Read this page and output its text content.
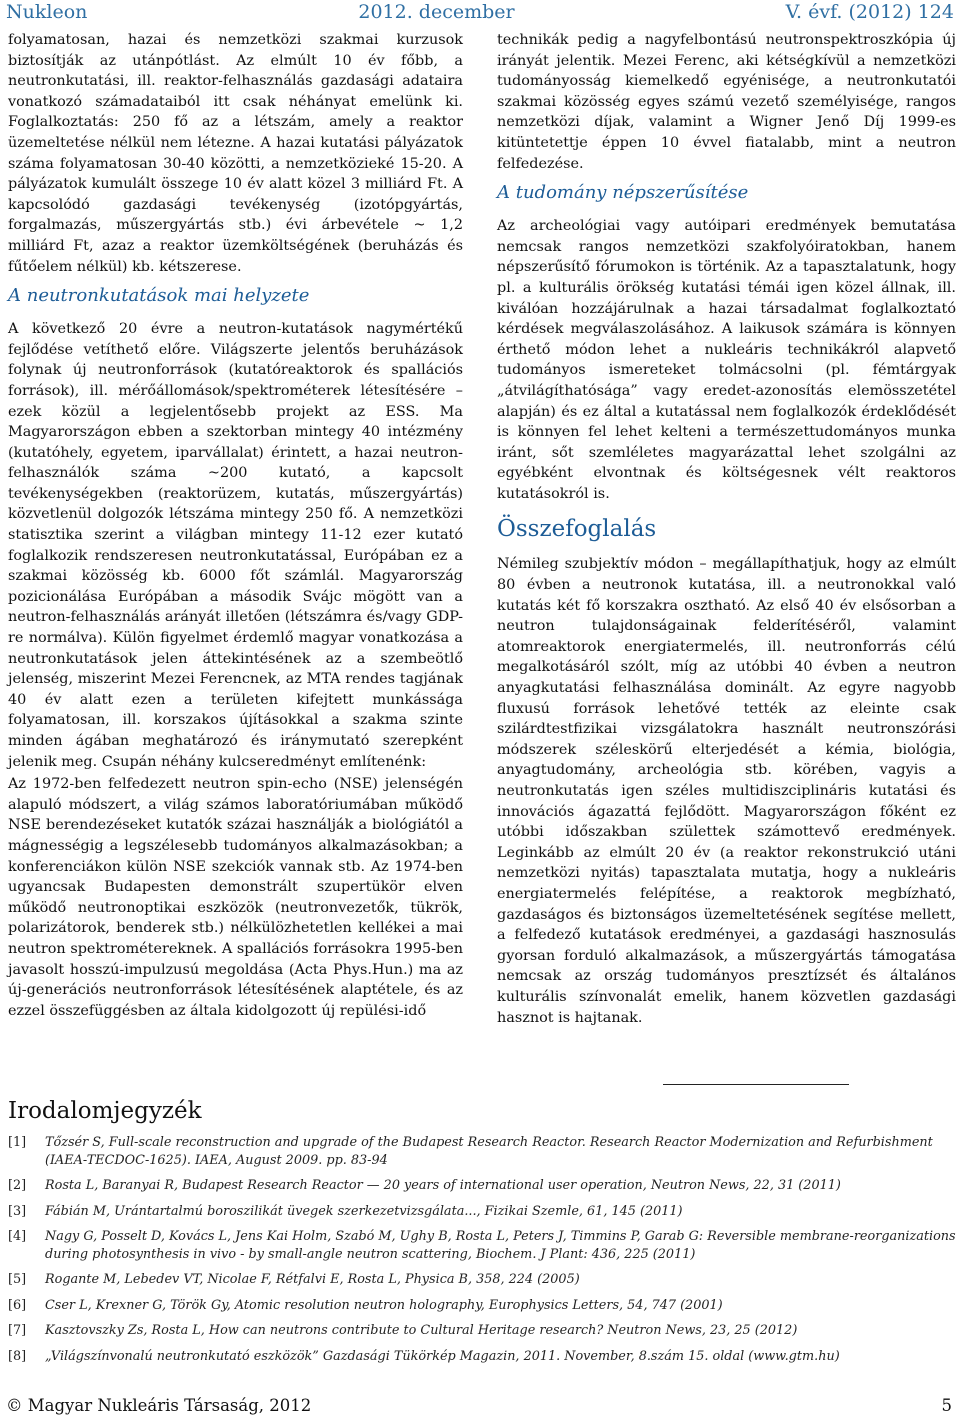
Nukleon	2012. december	V. évf. (2012) 124

folyamatosan, hazai és nemzetközi szakmai kurzusok biztosítják az utánpótlást. Az elmúlt 10 év főbb, a neutronkutatási, ill. reaktor-felhasználás gazdasági adataira vonatkozó számadataiból itt csak néhányat emelünk ki. Foglalkoztatás: 250 fő az a létszám, amely a reaktor üzemeltetése nélkül nem létezne. A hazai kutatási pályázatok száma folyamatosan 30-40 közötti, a nemzetközieké 15-20. A pályázatok kumulált összege 10 év alatt közel 3 milliárd Ft. A kapcsolódó gazdasági tevékenység (izotópgyártás, forgalmazás, műszergyártás stb.) évi árbevétele ~ 1,2 milliárd Ft, azaz a reaktor üzemköltségének (beruházás és fűtőelem nélkül) kb. kétszerese.

A neutronkutatások mai helyzete

A következő 20 évre a neutron-kutatások nagymértékű fejlődése vetíthető előre. Világszerte jelentős beruházások folynak új neutronforrások (kutatóreaktorok és spallációs források), ill. mérőállomások/spektrométerek létesítésére – ezek közül a legjelentősebb projekt az ESS. Ma Magyarországon ebben a szektorban mintegy 40 intézmény (kutatóhely, egyetem, iparvállalat) érintett, a hazai neutron-felhasználók száma ~200 kutató, a kapcsolt tevékenységekben (reaktorüzem, kutatás, műszergyártás) közvetlenül dolgozók létszáma mintegy 250 fő. A nemzetközi statisztika szerint a világban mintegy 11-12 ezer kutató foglalkozik rendszeresen neutronkutatással, Európában ez a szakmai közösség kb. 6000 főt számlál. Magyarország pozicionálása Európában a második Svájc mögött van a neutron-felhasználás arányát illetően (létszámra és/vagy GDP-re normálva). Külön figyelmet érdemlő magyar vonatkozása a neutronkutatások jelen áttekintésének az a szembeötlő jelenség, miszerint Mezei Ferencnek, az MTA rendes tagjának 40 év alatt ezen a területen kifejtett munkássága folyamatosan, ill. korszakos újításokkal a szakma szinte minden ágában meghatározó és iránymutató szerepként jelenik meg. Csupán néhány kulcseredményt említenénk:

Az 1972-ben felfedezett neutron spin-echo (NSE) jelenségén alapuló módszert, a világ számos laboratóriumában működő NSE berendezéseket kutatók százai használják a biológiától a mágnességig a legszélesebb tudományos alkalmazásokban; a konferenciákon külön NSE szekciók vannak stb. Az 1974-ben ugyancsak Budapesten demonstrált szupertükör elven működő neutronoptikai eszközök (neutronvezetők, tükrök, polarizátorok, benderek stb.) nélkülözhetetlen kellékei a mai neutron spektrométereknek. A spallációs forrásokra 1995-ben javasolt hosszú-impulzusú megoldása (Acta Phys.Hun.) ma az új-generációs neutronforrások létesítésének alaptétele, és az ezzel összefüggésben az általa kidolgozott új repülési-idő

technikák pedig a nagyfelbontású neutronspektroszkópia új irányát jelentik. Mezei Ferenc, aki kétségkívül a nemzetközi tudományosság kiemelkedő egyénisége, a neutronkutatói szakmai közösség egyes számú vezető személyisége, rangos nemzetközi díjak, valamint a Wigner Jenő Díj 1999-es kitüntetettje éppen 10 évvel fiatalabb, mint a neutron felfedezése.

A tudomány népszerűsítése

Az archeológiai vagy autóipari eredmények bemutatása nemcsak rangos nemzetközi szakfolyóiratokban, hanem népszerűsítő fórumokon is történik. Az a tapasztalatunk, hogy pl. a kulturális örökség kutatási témái igen közel állnak, ill. kiválóan hozzájárulnak a hazai társadalmat foglalkoztató kérdések megválaszolásához. A laikusok számára is könnyen érthető módon lehet a nukleáris technikákról alapvető tudományos ismereteket tolmácsolni (pl. fémtárgyak „átvilágíthatósága” vagy eredet-azonosítás elemösszetétel alapján) és ez által a kutatással nem foglalkozók érdeklődését is könnyen fel lehet kelteni a természettudományos munka iránt, sőt szemléletes magyarázattal lehet szolgálni az egyébként elvontnak és költségesnek vélt reaktoros kutatásokról is.

Összefoglalás

Némileg szubjektív módon – megállapíthatjuk, hogy az elmúlt 80 évben a neutronok kutatása, ill. a neutronokkal való kutatás két fő korszakra osztható. Az első 40 év elsősorban a neutron tulajdonságainak felderítéséről, valamint atomreaktorok energiatermelés, ill. neutronforrás célú megalkotásáról szólt, míg az utóbbi 40 évben a neutron anyagkutatási felhasználása dominált. Az egyre nagyobb fluxusú források lehetővé tették az eleinte csak szilárdtestfizikai vizsgálatokra használt neutronszórási módszerek széleskörű elterjedését a kémia, biológia, anyagtudomány, archeológia stb. körében, vagyis a neutronkutatás igen széles multidiszciplináris kutatási és innovációs ágazattá fejlődött. Magyarországon főként ez utóbbi időszakban születtek számottevő eredmények. Leginkább az elmúlt 20 év (a reaktor rekonstrukció utáni nemzetközi nyitás) tapasztalata mutatja, hogy a nukleáris energiatermelés felépítése, a reaktorok megbízható, gazdaságos és biztonságos üzemeltetésének segítése mellett, a felfedező kutatások eredményei, a gazdasági hasznosulás gyorsan forduló alkalmazások, a műszergyártás támogatása nemcsak az ország tudományos presztízsét és általános kulturális színvonalát emelik, hanem közvetlen gazdasági hasznot is hajtanak.

Irodalomjegyzék
[1]	Tőzsér S, Full-scale reconstruction and upgrade of the Budapest Research Reactor. Research Reactor Modernization and Refurbishment (IAEA-TECDOC-1625). IAEA, August 2009. pp. 83-94
[2]	Rosta L, Baranyai R, Budapest Research Reactor — 20 years of international user operation, Neutron News, 22, 31 (2011)
[3]	Fábián M, Urántartalmú boroszilikát üvegek szerkezetvizsgálata..., Fizikai Szemle, 61, 145 (2011)
[4]	Nagy G, Posselt D, Kovács L, Jens Kai Holm, Szabó M, Ughy B, Rosta L, Peters J, Timmins P, Garab G: Reversible membrane-reorganizations during photosynthesis in vivo - by small-angle neutron scattering, Biochem. J Plant: 436, 225 (2011)
[5]	Rogante M, Lebedev VT, Nicolae F, Rétfalvi E, Rosta L, Physica B, 358, 224 (2005)
[6]	Cser L, Krexner G, Török Gy, Atomic resolution neutron holography, Europhysics Letters, 54, 747 (2001)
[7]	Kasztovszky Zs, Rosta L, How can neutrons contribute to Cultural Heritage research? Neutron News, 23, 25 (2012)
[8]	„Világszínvonalú neutronkutató eszközök” Gazdasági Tükörkép Magazin, 2011. November, 8.szám 15. oldal (www.gtm.hu)
© Magyar Nukleáris Társaság, 2012	5
